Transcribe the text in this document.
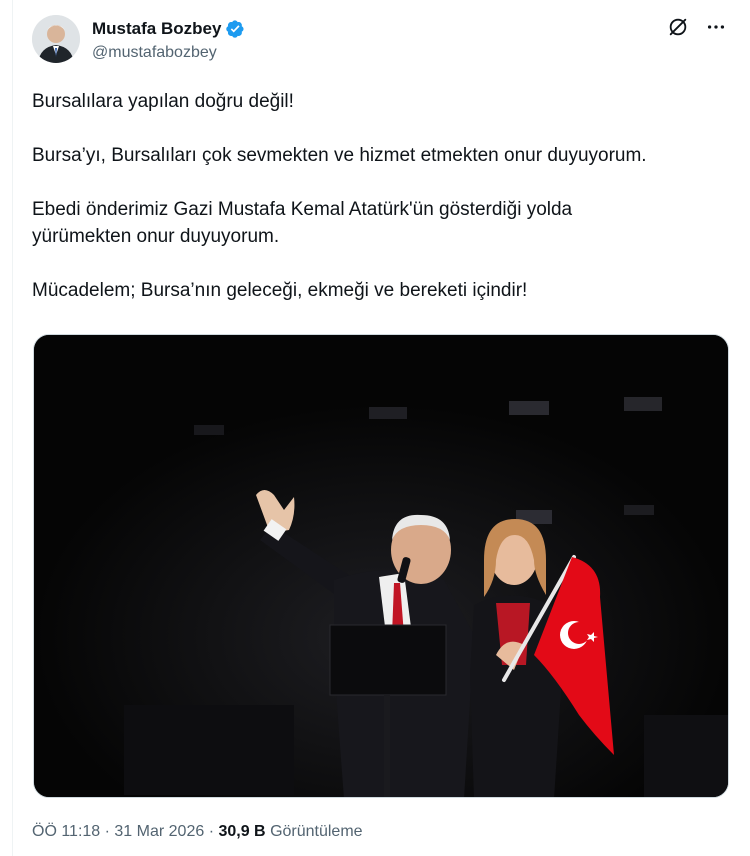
Mustafa Bozbey
@mustafabozbey

Bursalılara yapılan doğru değil!

Bursa’yı, Bursalıları çok sevmekten ve hizmet etmekten onur duyuyorum.

Ebedi önderimiz Gazi Mustafa Kemal Atatürk'ün gösterdiği yolda

yürümekten onur duyuyorum.

Mücadelem; Bursa’nın geleceği, ekmeği ve bereketi içindir!

ÖÖ 11:18 · 31 Mar 2026 · 30,9 B Görüntüleme
